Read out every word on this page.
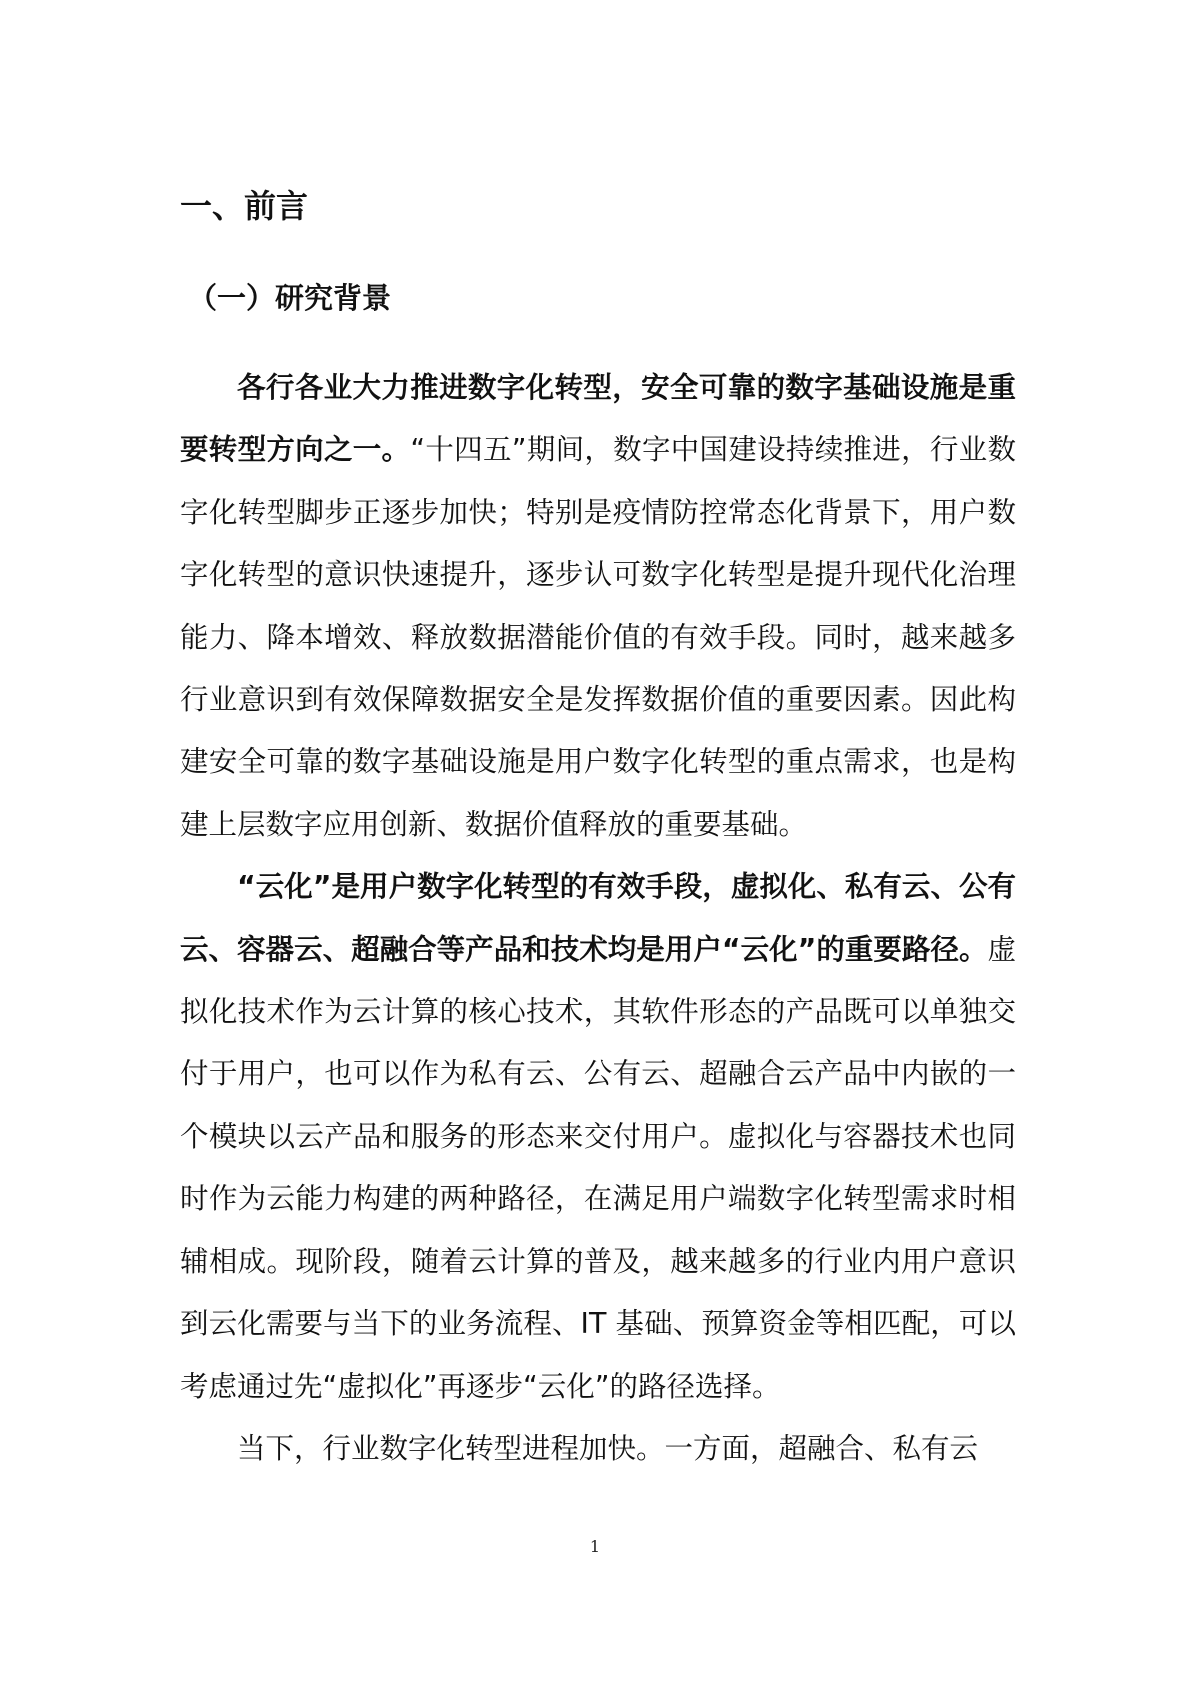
一、前言
（一）研究背景

各行各业大力推进数字化转型，安全可靠的数字基础设施是重要转型方向之一。“十四五”期间，数字中国建设持续推进，行业数字化转型脚步正逐步加快；特别是疫情防控常态化背景下，用户数字化转型的意识快速提升，逐步认可数字化转型是提升现代化治理能力、降本增效、释放数据潜能价值的有效手段。同时，越来越多行业意识到有效保障数据安全是发挥数据价值的重要因素。因此构建安全可靠的数字基础设施是用户数字化转型的重点需求，也是构建上层数字应用创新、数据价值释放的重要基础。

“云化”是用户数字化转型的有效手段，虚拟化、私有云、公有云、容器云、超融合等产品和技术均是用户“云化”的重要路径。虚拟化技术作为云计算的核心技术，其软件形态的产品既可以单独交付于用户，也可以作为私有云、公有云、超融合云产品中内嵌的一个模块以云产品和服务的形态来交付用户。虚拟化与容器技术也同时作为云能力构建的两种路径，在满足用户端数字化转型需求时相辅相成。现阶段，随着云计算的普及，越来越多的行业内用户意识到云化需要与当下的业务流程、IT 基础、预算资金等相匹配，可以考虑通过先“虚拟化”再逐步“云化”的路径选择。

当下，行业数字化转型进程加快。一方面，超融合、私有云

1
